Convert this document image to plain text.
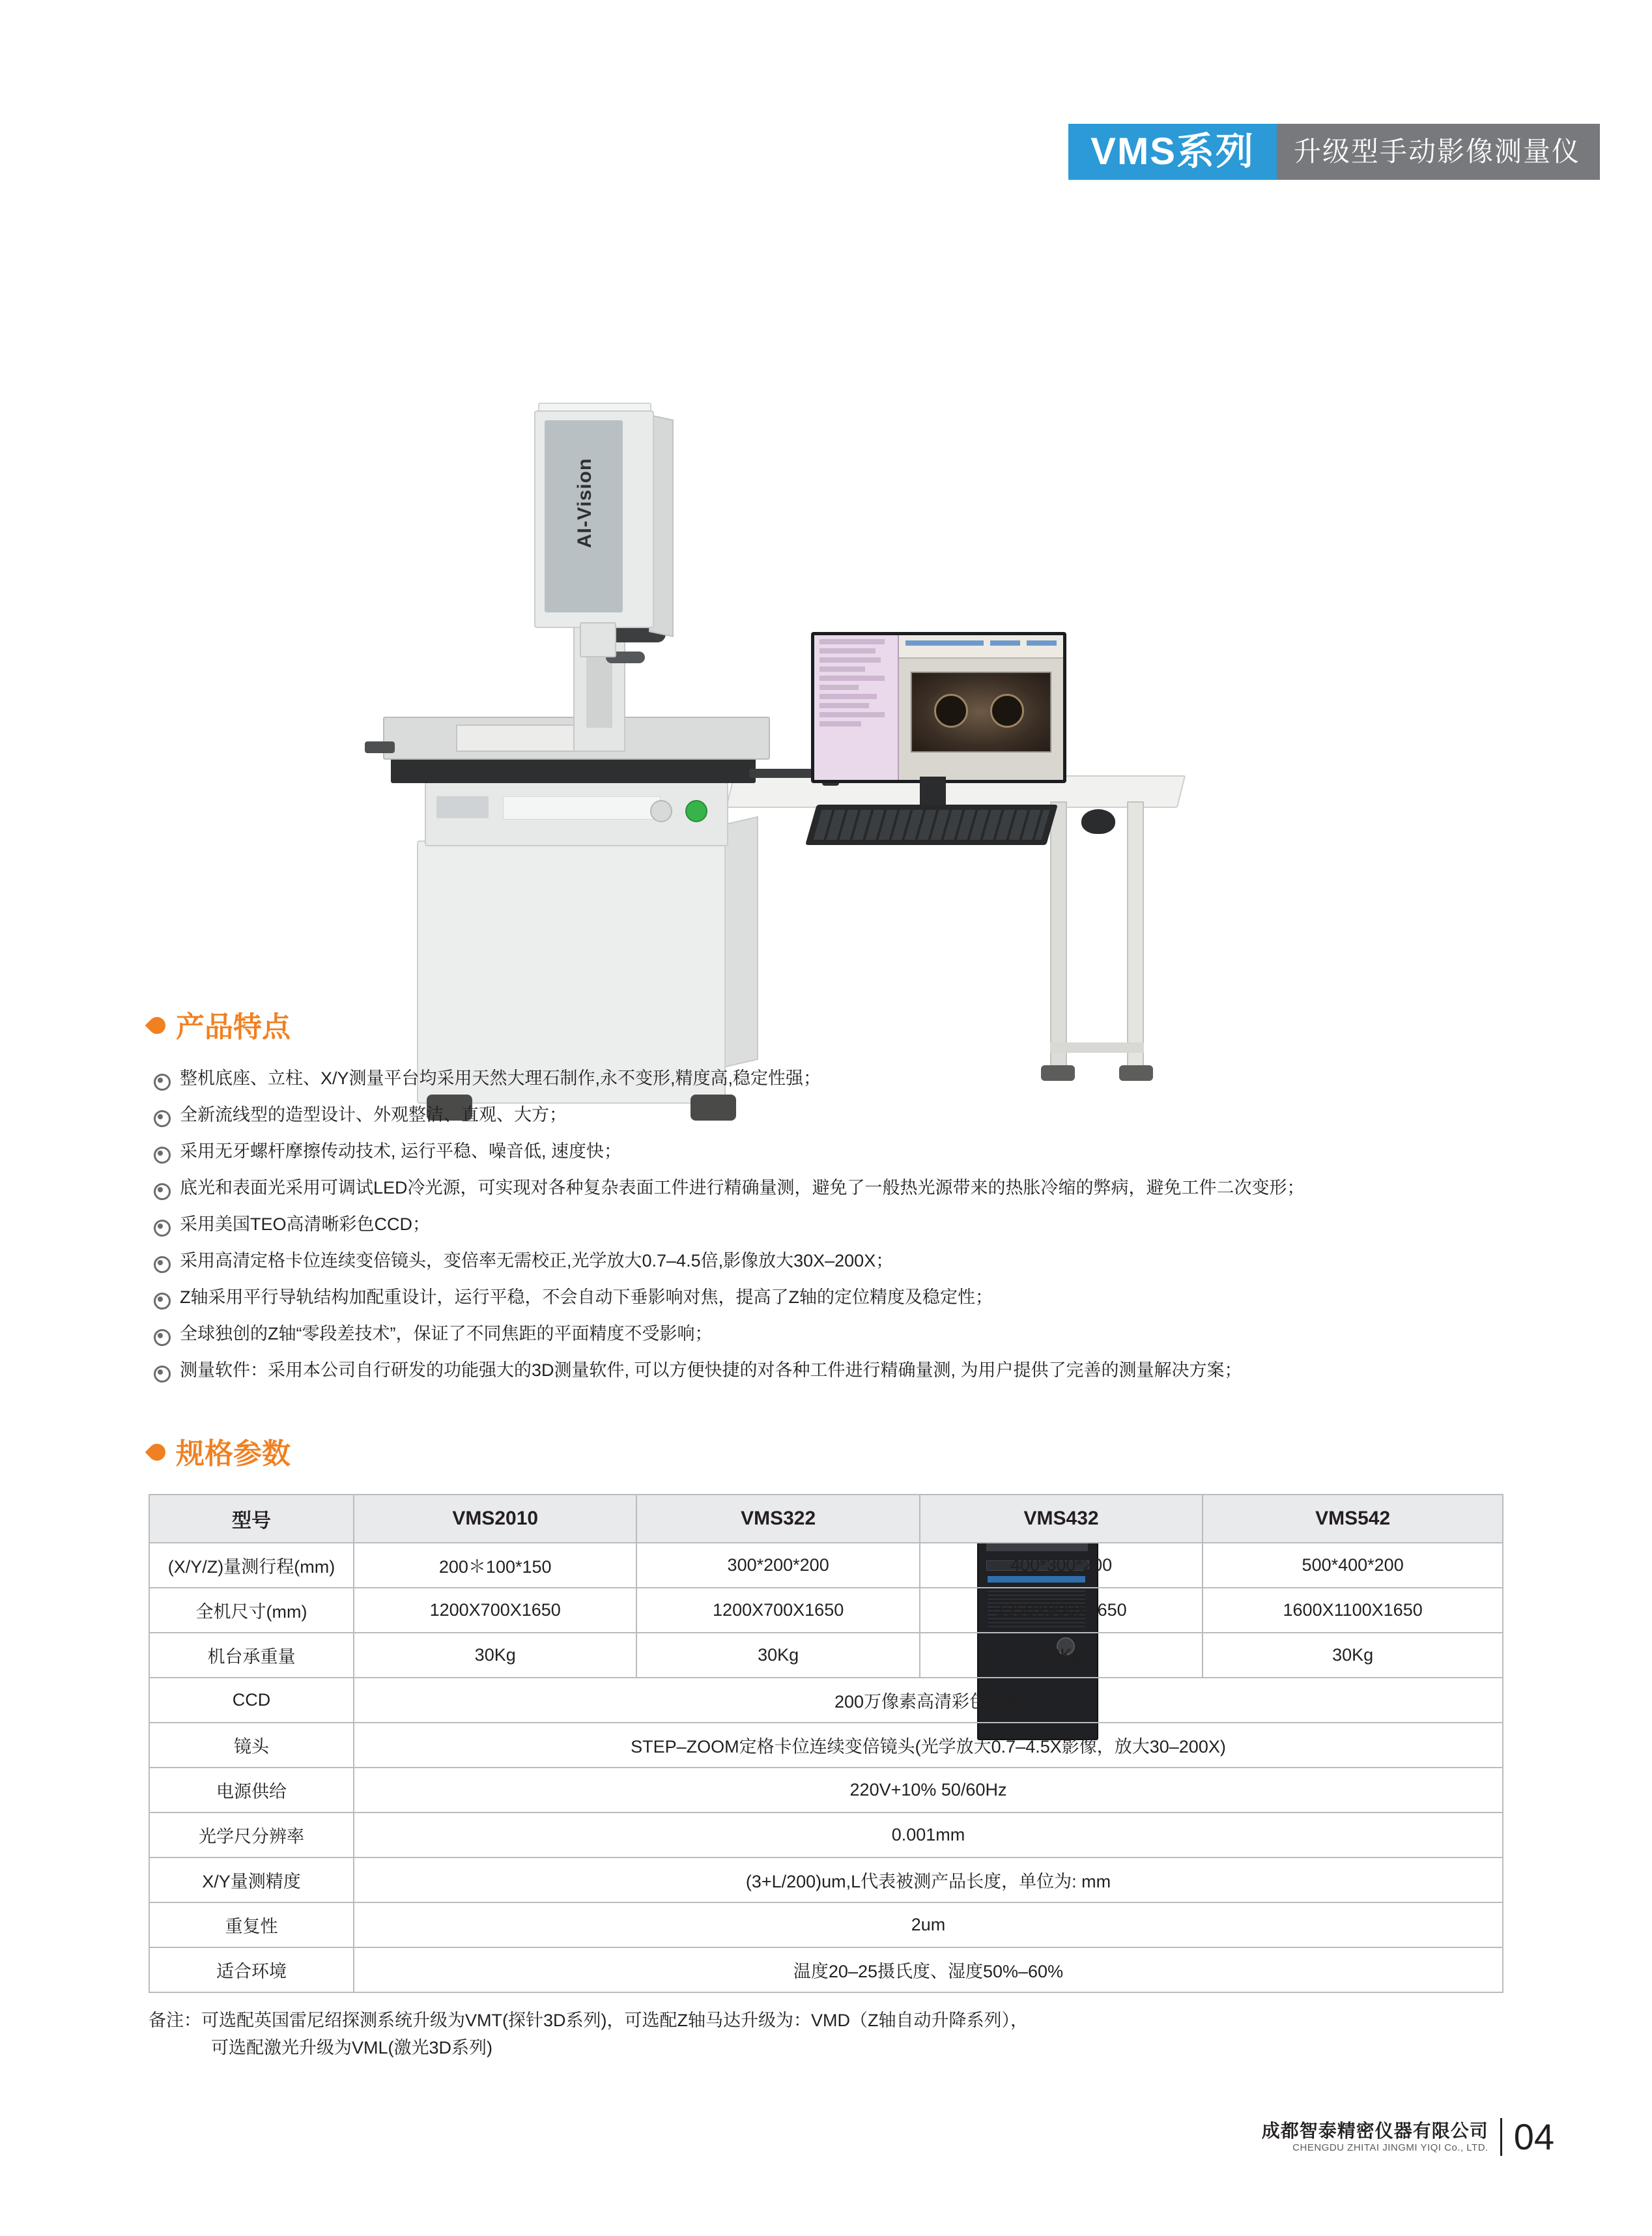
VMS系列	升级型手动影像测量仪
AI-Vision
产品特点
整机底座、立柱、X/Y测量平台均采用天然大理石制作,永不变形,精度高,稳定性强；
全新流线型的造型设计、外观整洁、直观、大方；
采用无牙螺杆摩擦传动技术, 运行平稳、噪音低, 速度快；
底光和表面光采用可调试LED冷光源，可实现对各种复杂表面工件进行精确量测，避免了一般热光源带来的热胀冷缩的弊病，避免工件二次变形；
采用美国TEO高清晰彩色CCD；
采用高清定格卡位连续变倍镜头，变倍率无需校正,光学放大0.7–4.5倍,影像放大30X–200X；
Z轴采用平行导轨结构加配重设计，运行平稳，不会自动下垂影响对焦，提高了Z轴的定位精度及稳定性；
全球独创的Z轴“零段差技术”，保证了不同焦距的平面精度不受影响；
测量软件：采用本公司自行研发的功能强大的3D测量软件, 可以方便快捷的对各种工件进行精确量测, 为用户提供了完善的测量解决方案；
规格参数
型号	VMS2010	VMS322	VMS432	VMS542
(X/Y/Z)量测行程(mm)	200＊100*150	300*200*200	400*300*200	500*400*200
全机尺寸(mm)	1200X700X1650	1200X700X1650	1350X900X1650	1600X1100X1650
机台承重量	30Kg	30Kg	30Kg	30Kg
CCD	200万像素高清彩色相机			
镜头	STEP–ZOOM定格卡位连续变倍镜头(光学放大0.7–4.5X影像，放大30–200X)			
电源供给	220V+10% 50/60Hz			
光学尺分辨率	0.001mm			
X/Y量测精度	(3+L/200)um,L代表被测产品长度，单位为: mm			
重复性	2um			
适合环境	温度20–25摄氏度、湿度50%–60%			
备注：可选配英国雷尼绍探测系统升级为VMT(探针3D系列)，可选配Z轴马达升级为：VMD（Z轴自动升降系列），
可选配激光升级为VML(激光3D系列)
成都智泰精密仪器有限公司
CHENGDU ZHITAI JINGMI YIQI Co., LTD. 04
